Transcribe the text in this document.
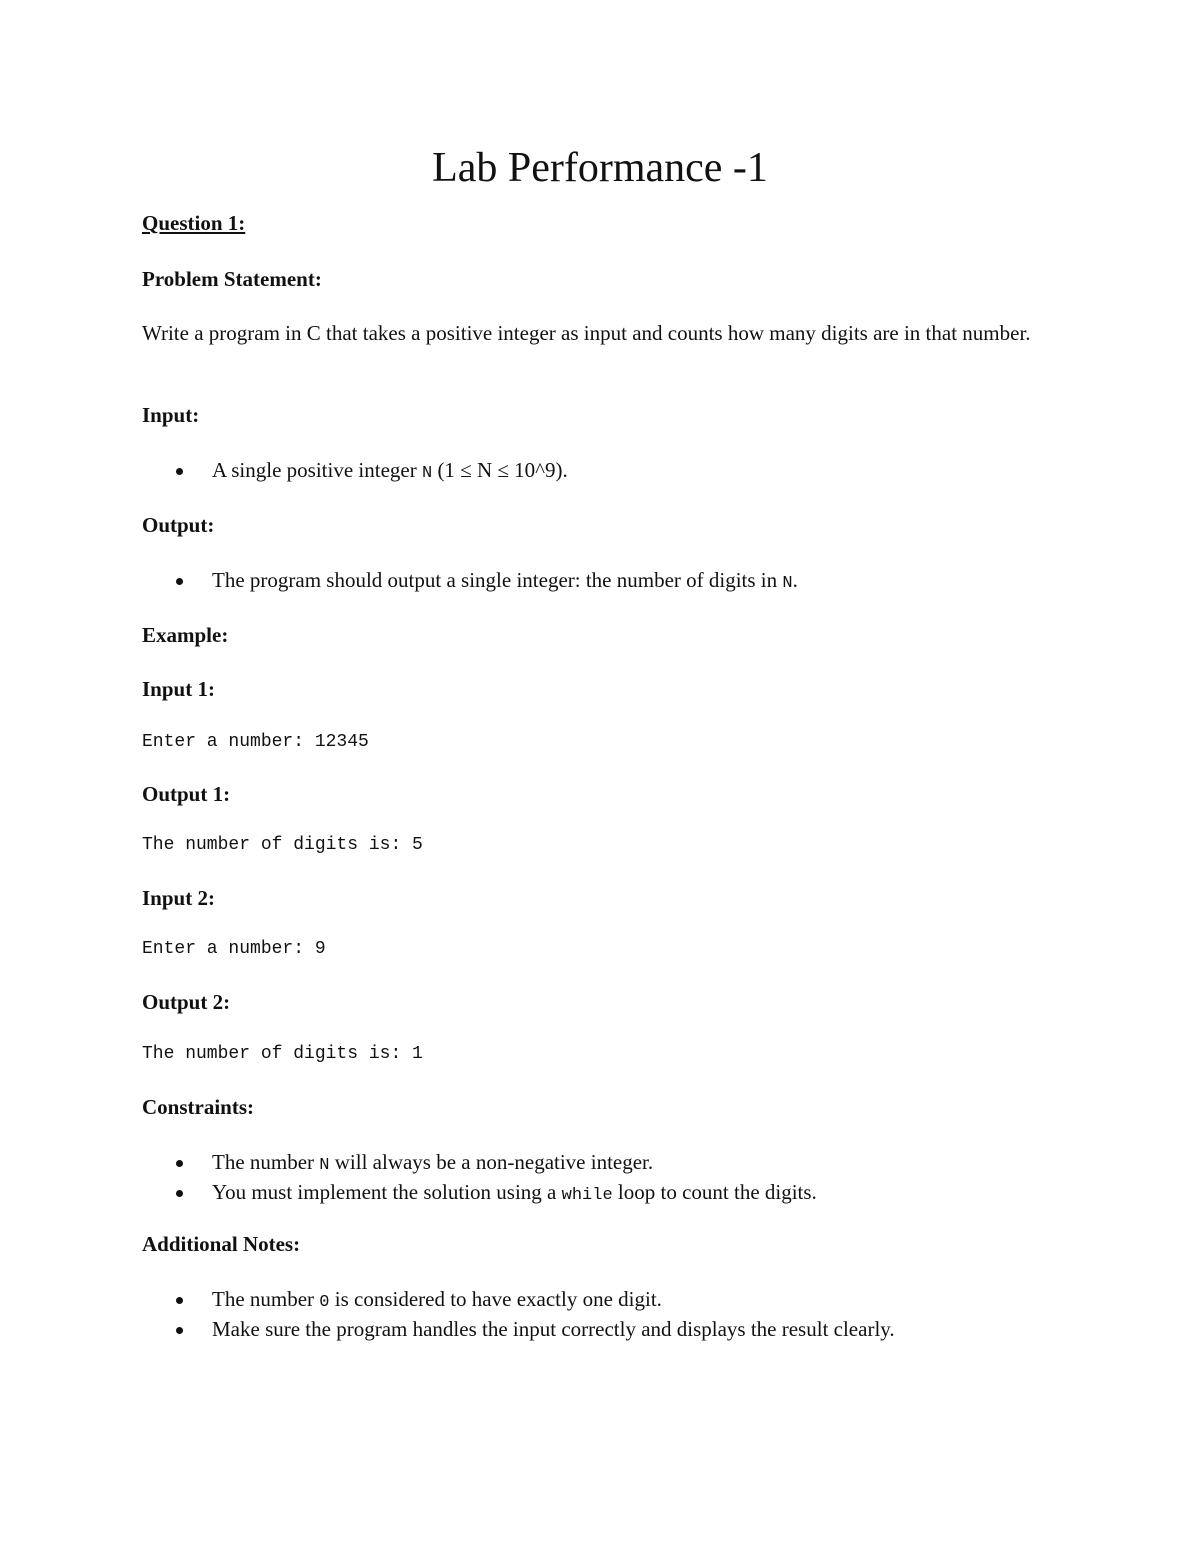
Lab Performance -1

Question 1:

Problem Statement:

Write a program in C that takes a positive integer as input and counts how many digits are in that number.

Input:

A single positive integer N (1 ≤ N ≤ 10^9).

Output:

The program should output a single integer: the number of digits in N.

Example:

Input 1:

Enter a number: 12345

Output 1:

The number of digits is: 5

Input 2:

Enter a number: 9

Output 2:

The number of digits is: 1

Constraints:

The number N will always be a non-negative integer.
You must implement the solution using a while loop to count the digits.

Additional Notes:

The number 0 is considered to have exactly one digit.
Make sure the program handles the input correctly and displays the result clearly.
